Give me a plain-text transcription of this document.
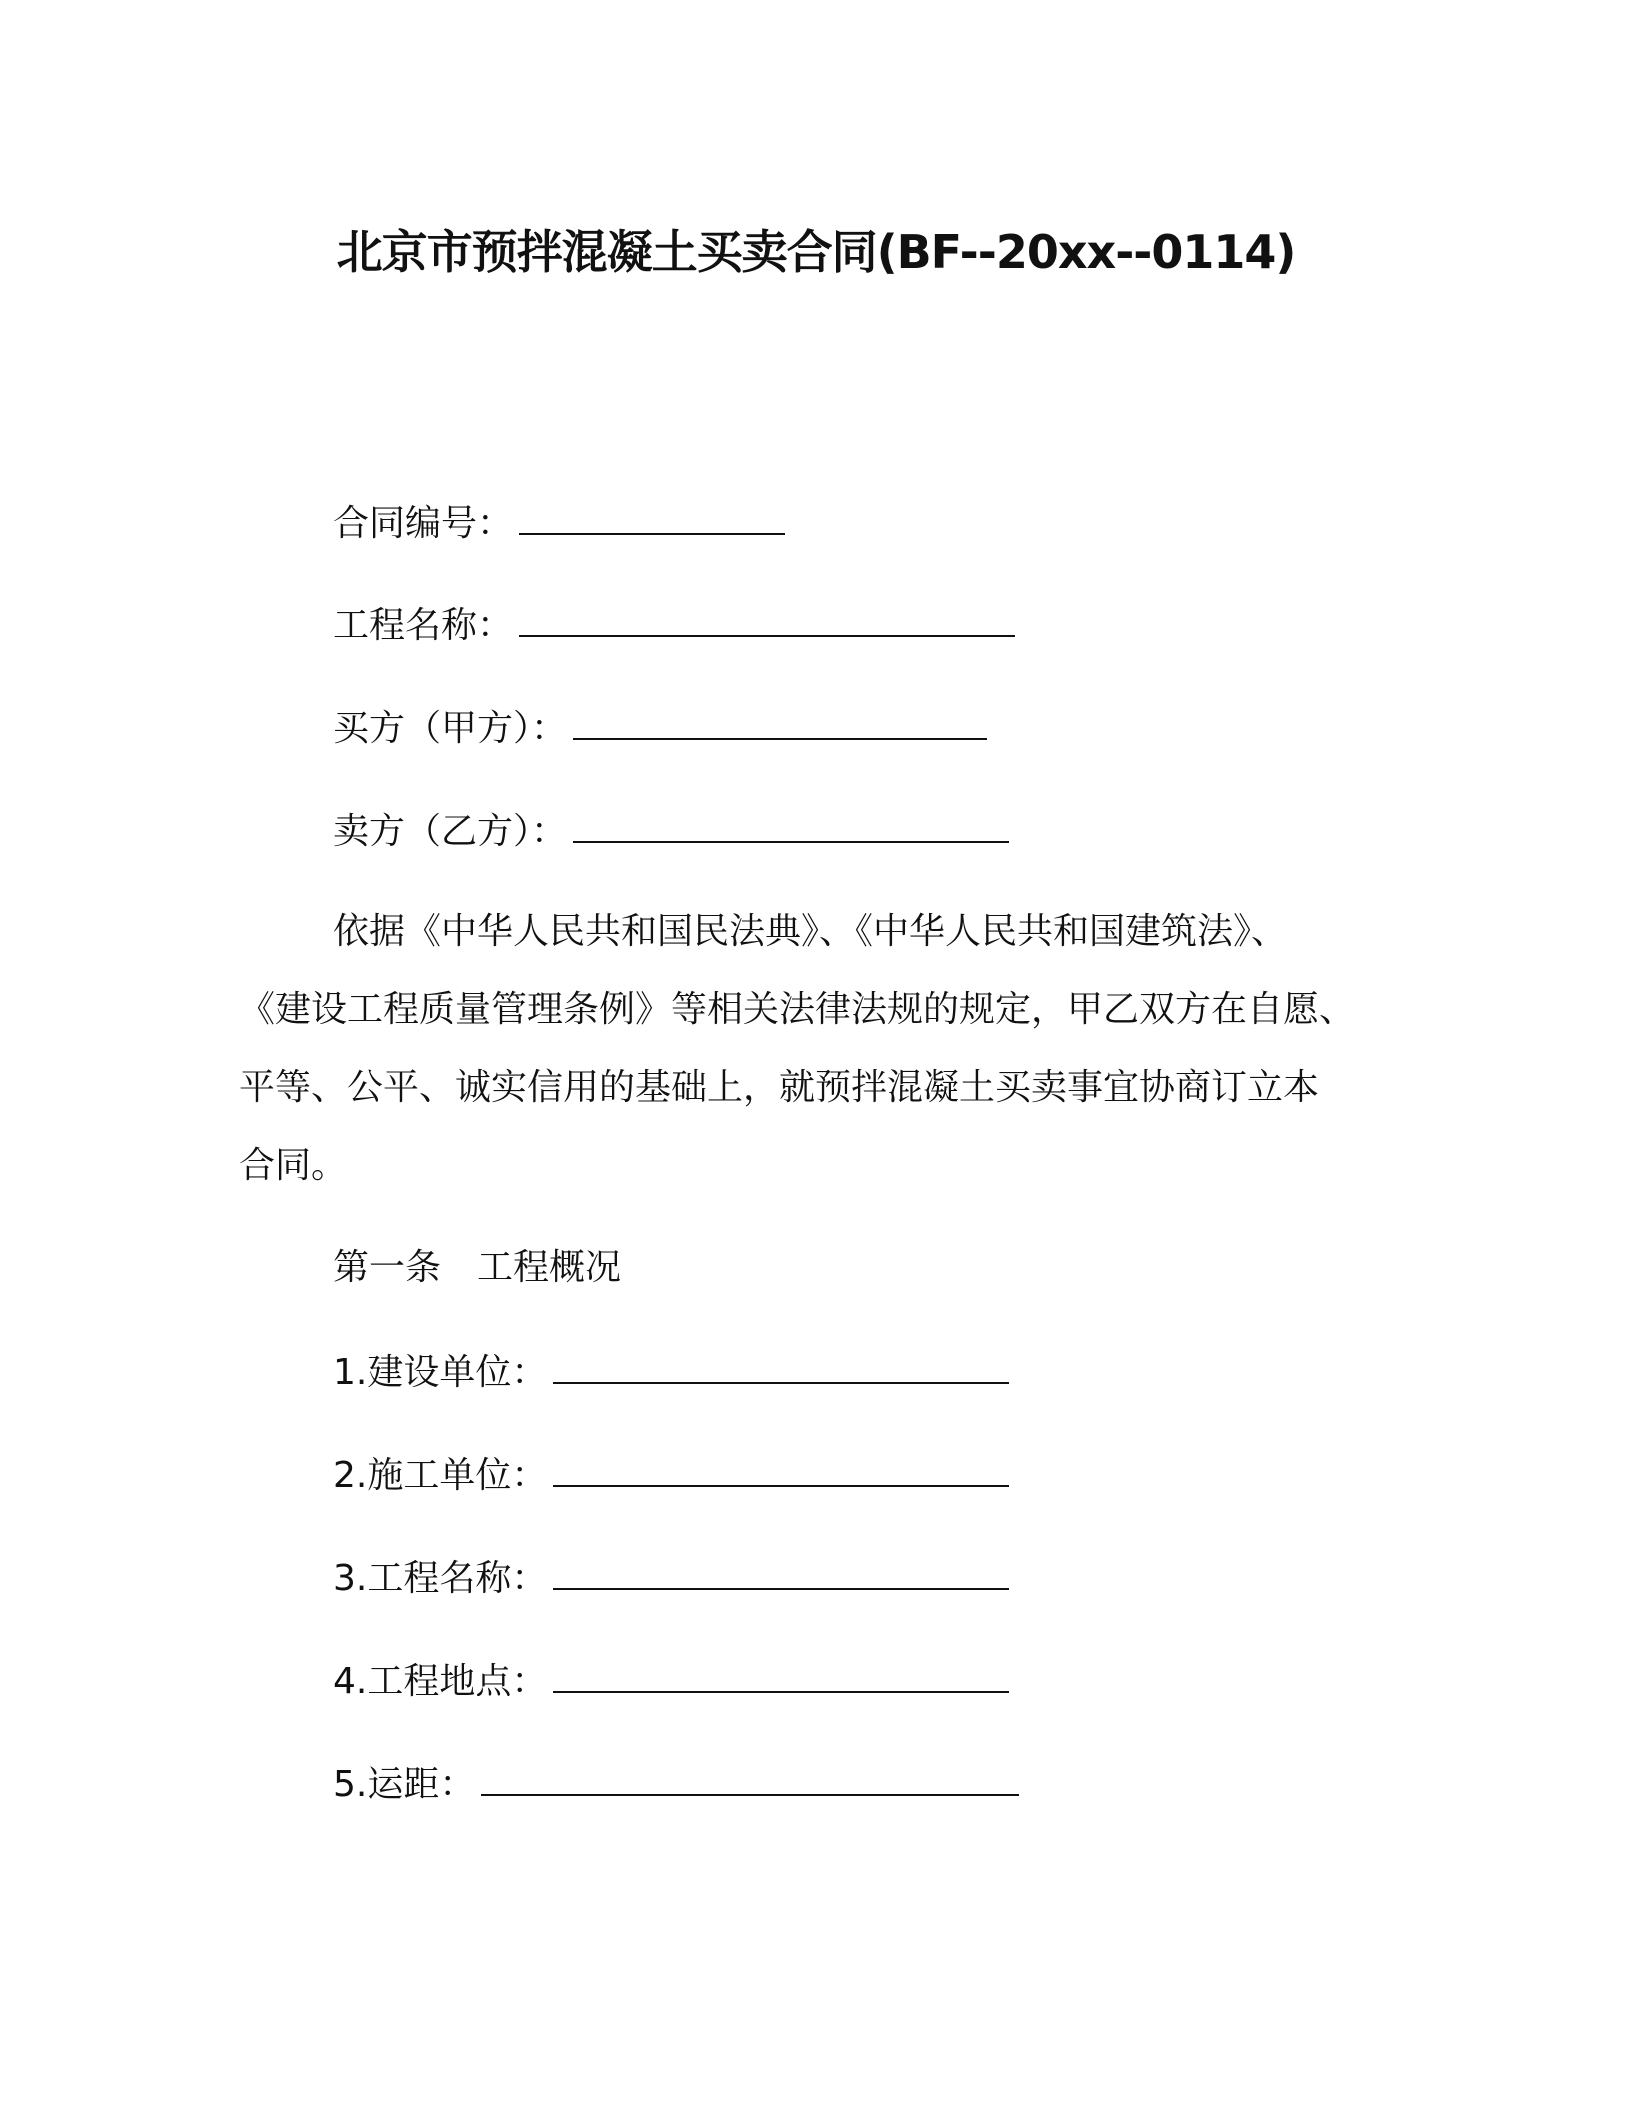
北京市预拌混凝土买卖合同(BF--20xx--0114)
合同编号：
工程名称：
买方（甲方）：
卖方（乙方）：
依据《中华人民共和国民法典》、《中华人民共和国建筑法》、
《建设工程质量管理条例》等相关法律法规的规定，甲乙双方在自愿、
平等、公平、诚实信用的基础上，就预拌混凝土买卖事宜协商订立本
合同。
第一条　工程概况
1.建设单位：
2.施工单位：
3.工程名称：
4.工程地点：
5.运距：
